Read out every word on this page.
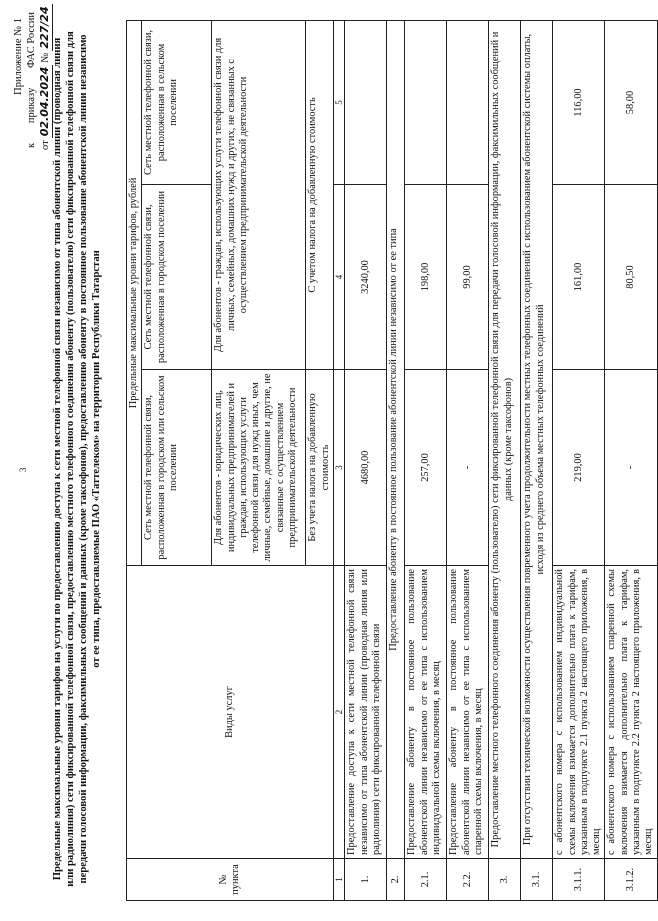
3
Приложение № 1
к
приказу
ФАС России
от
02.04.2024
№
227/24
Предельные максимальные уровни тарифов на услуги по предоставлению доступа к сети местной телефонной связи независимо от типа абонентской линии (проводная линия или радиолиния) сети фиксированной телефонной связи, предоставлению местного телефонного соединения абоненту (пользователю) сети фиксированной телефонной связи для передачи голосовой информации, факсимильных сообщений и данных (кроме таксофонов), предоставлению абоненту в постоянное пользование абонентской линии независимо от ее типа, предоставляемые ПАО «Таттелеком» на территории Республики Татарстан
№ пункта	Виды услуг	Предельные максимальные уровни тарифов, рублей		
		Сеть местной телефонной связи, расположенная в городском или сельском поселении	Сеть местной телефонной связи, расположенная в городском поселении	Сеть местной телефонной связи, расположенная в сельском поселении
		Для абонентов - юридических лиц, индивидуальных предпринимателей и граждан, использующих услуги телефонной связи для нужд иных, чем личные, семейные, домашние и другие, не связанные с осуществлением предпринимательской деятельности	Для абонентов - граждан, использующих услуги телефонной связи для личных, семейных, домашних нужд и других, не связанных с осуществлением предпринимательской деятельности	
		Без учета налога на добавленную стоимость	С учетом налога на добавленную стоимость	
1	2	3	4	5
1.	Предоставление доступа к сети местной телефонной связи независимо от типа абонентской линии (проводная линия или радиолиния) сети фиксированной телефонной связи	4680,00	3240,00	
2.	Предоставление абоненту в постоянное пользование абонентской линии независимо от ее типа			
2.1.	Предоставление абоненту в постоянное пользование абонентской линии независимо от ее типа с использованием индивидуальной схемы включения, в месяц	257,00	198,00	
2.2.	Предоставление абоненту в постоянное пользование абонентской линии независимо от ее типа с использованием спаренной схемы включения, в месяц	-	99,00	
3.	Предоставление местного телефонного соединения абоненту (пользователю) сети фиксированной телефонной связи для передачи голосовой информации, факсимильных сообщений и данных (кроме таксофонов)			
3.1.	При отсутствии технической возможности осуществления повременного учета продолжительности местных телефонных соединений с использованием абонентской системы оплаты, исходя из среднего объема местных телефонных соединений			
3.1.1.	с абонентского номера с использованием индивидуальной схемы включения взимается дополнительно плата к тарифам, указанным в подпункте 2.1 пункта 2 настоящего приложения, в месяц	219,00	161,00	116,00
3.1.2.	с абонентского номера с использованием спаренной схемы включения взимается дополнительно плата к тарифам, указанным в подпункте 2.2 пункта 2 настоящего приложения, в месяц	-	80,50	58,00
